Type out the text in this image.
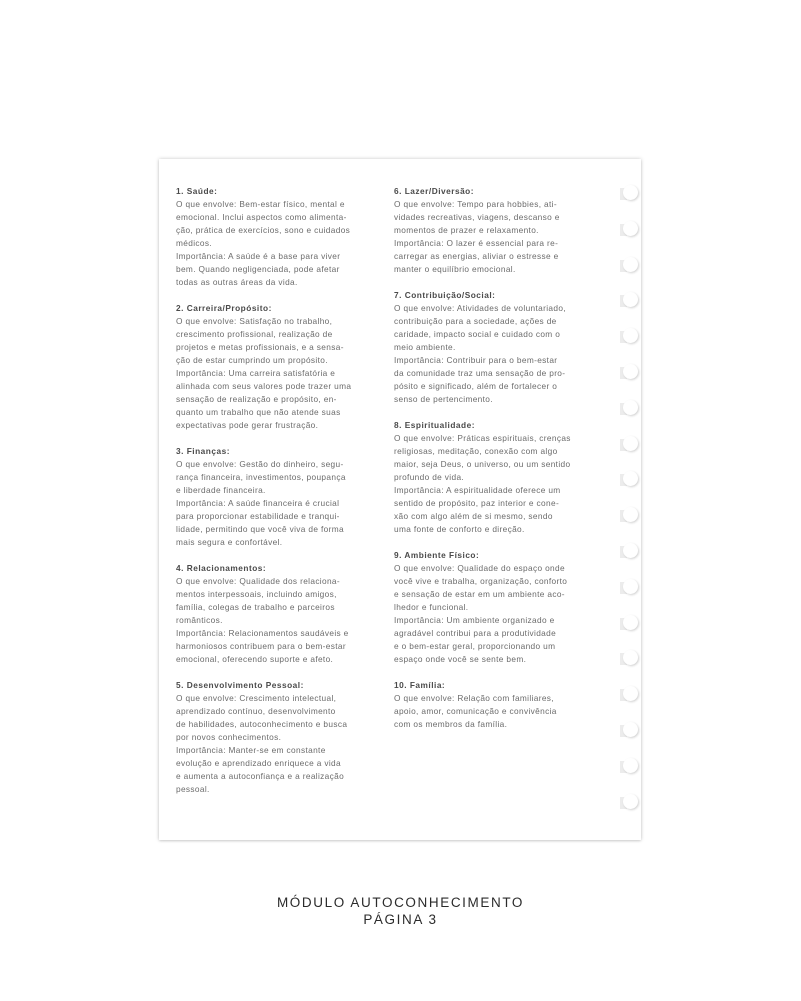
1. Saúde:
O que envolve: Bem-estar físico, mental e
emocional. Inclui aspectos como alimenta-
ção, prática de exercícios, sono e cuidados
médicos.
Importância: A saúde é a base para viver
bem. Quando negligenciada, pode afetar
todas as outras áreas da vida.
2. Carreira/Propósito:
O que envolve: Satisfação no trabalho,
crescimento profissional, realização de
projetos e metas profissionais, e a sensa-
ção de estar cumprindo um propósito.
Importância: Uma carreira satisfatória e
alinhada com seus valores pode trazer uma
sensação de realização e propósito, en-
quanto um trabalho que não atende suas
expectativas pode gerar frustração.
3. Finanças:
O que envolve: Gestão do dinheiro, segu-
rança financeira, investimentos, poupança
e liberdade financeira.
Importância: A saúde financeira é crucial
para proporcionar estabilidade e tranqui-
lidade, permitindo que você viva de forma
mais segura e confortável.
4. Relacionamentos:
O que envolve: Qualidade dos relaciona-
mentos interpessoais, incluindo amigos,
família, colegas de trabalho e parceiros
românticos.
Importância: Relacionamentos saudáveis e
harmoniosos contribuem para o bem-estar
emocional, oferecendo suporte e afeto.
5. Desenvolvimento Pessoal:
O que envolve: Crescimento intelectual,
aprendizado contínuo, desenvolvimento
de habilidades, autoconhecimento e busca
por novos conhecimentos.
Importância: Manter-se em constante
evolução e aprendizado enriquece a vida
e aumenta a autoconfiança e a realização
pessoal.
6. Lazer/Diversão:
O que envolve: Tempo para hobbies, ati-
vidades recreativas, viagens, descanso e
momentos de prazer e relaxamento.
Importância: O lazer é essencial para re-
carregar as energias, aliviar o estresse e
manter o equilíbrio emocional.
7. Contribuição/Social:
O que envolve: Atividades de voluntariado,
contribuição para a sociedade, ações de
caridade, impacto social e cuidado com o
meio ambiente.
Importância: Contribuir para o bem-estar
da comunidade traz uma sensação de pro-
pósito e significado, além de fortalecer o
senso de pertencimento.
8. Espiritualidade:
O que envolve: Práticas espirituais, crenças
religiosas, meditação, conexão com algo
maior, seja Deus, o universo, ou um sentido
profundo de vida.
Importância: A espiritualidade oferece um
sentido de propósito, paz interior e cone-
xão com algo além de si mesmo, sendo
uma fonte de conforto e direção.
9. Ambiente Físico:
O que envolve: Qualidade do espaço onde
você vive e trabalha, organização, conforto
e sensação de estar em um ambiente aco-
lhedor e funcional.
Importância: Um ambiente organizado e
agradável contribui para a produtividade
e o bem-estar geral, proporcionando um
espaço onde você se sente bem.
10. Família:
O que envolve: Relação com familiares,
apoio, amor, comunicação e convivência
com os membros da família.
MÓDULO AUTOCONHECIMENTO
PÁGINA 3
